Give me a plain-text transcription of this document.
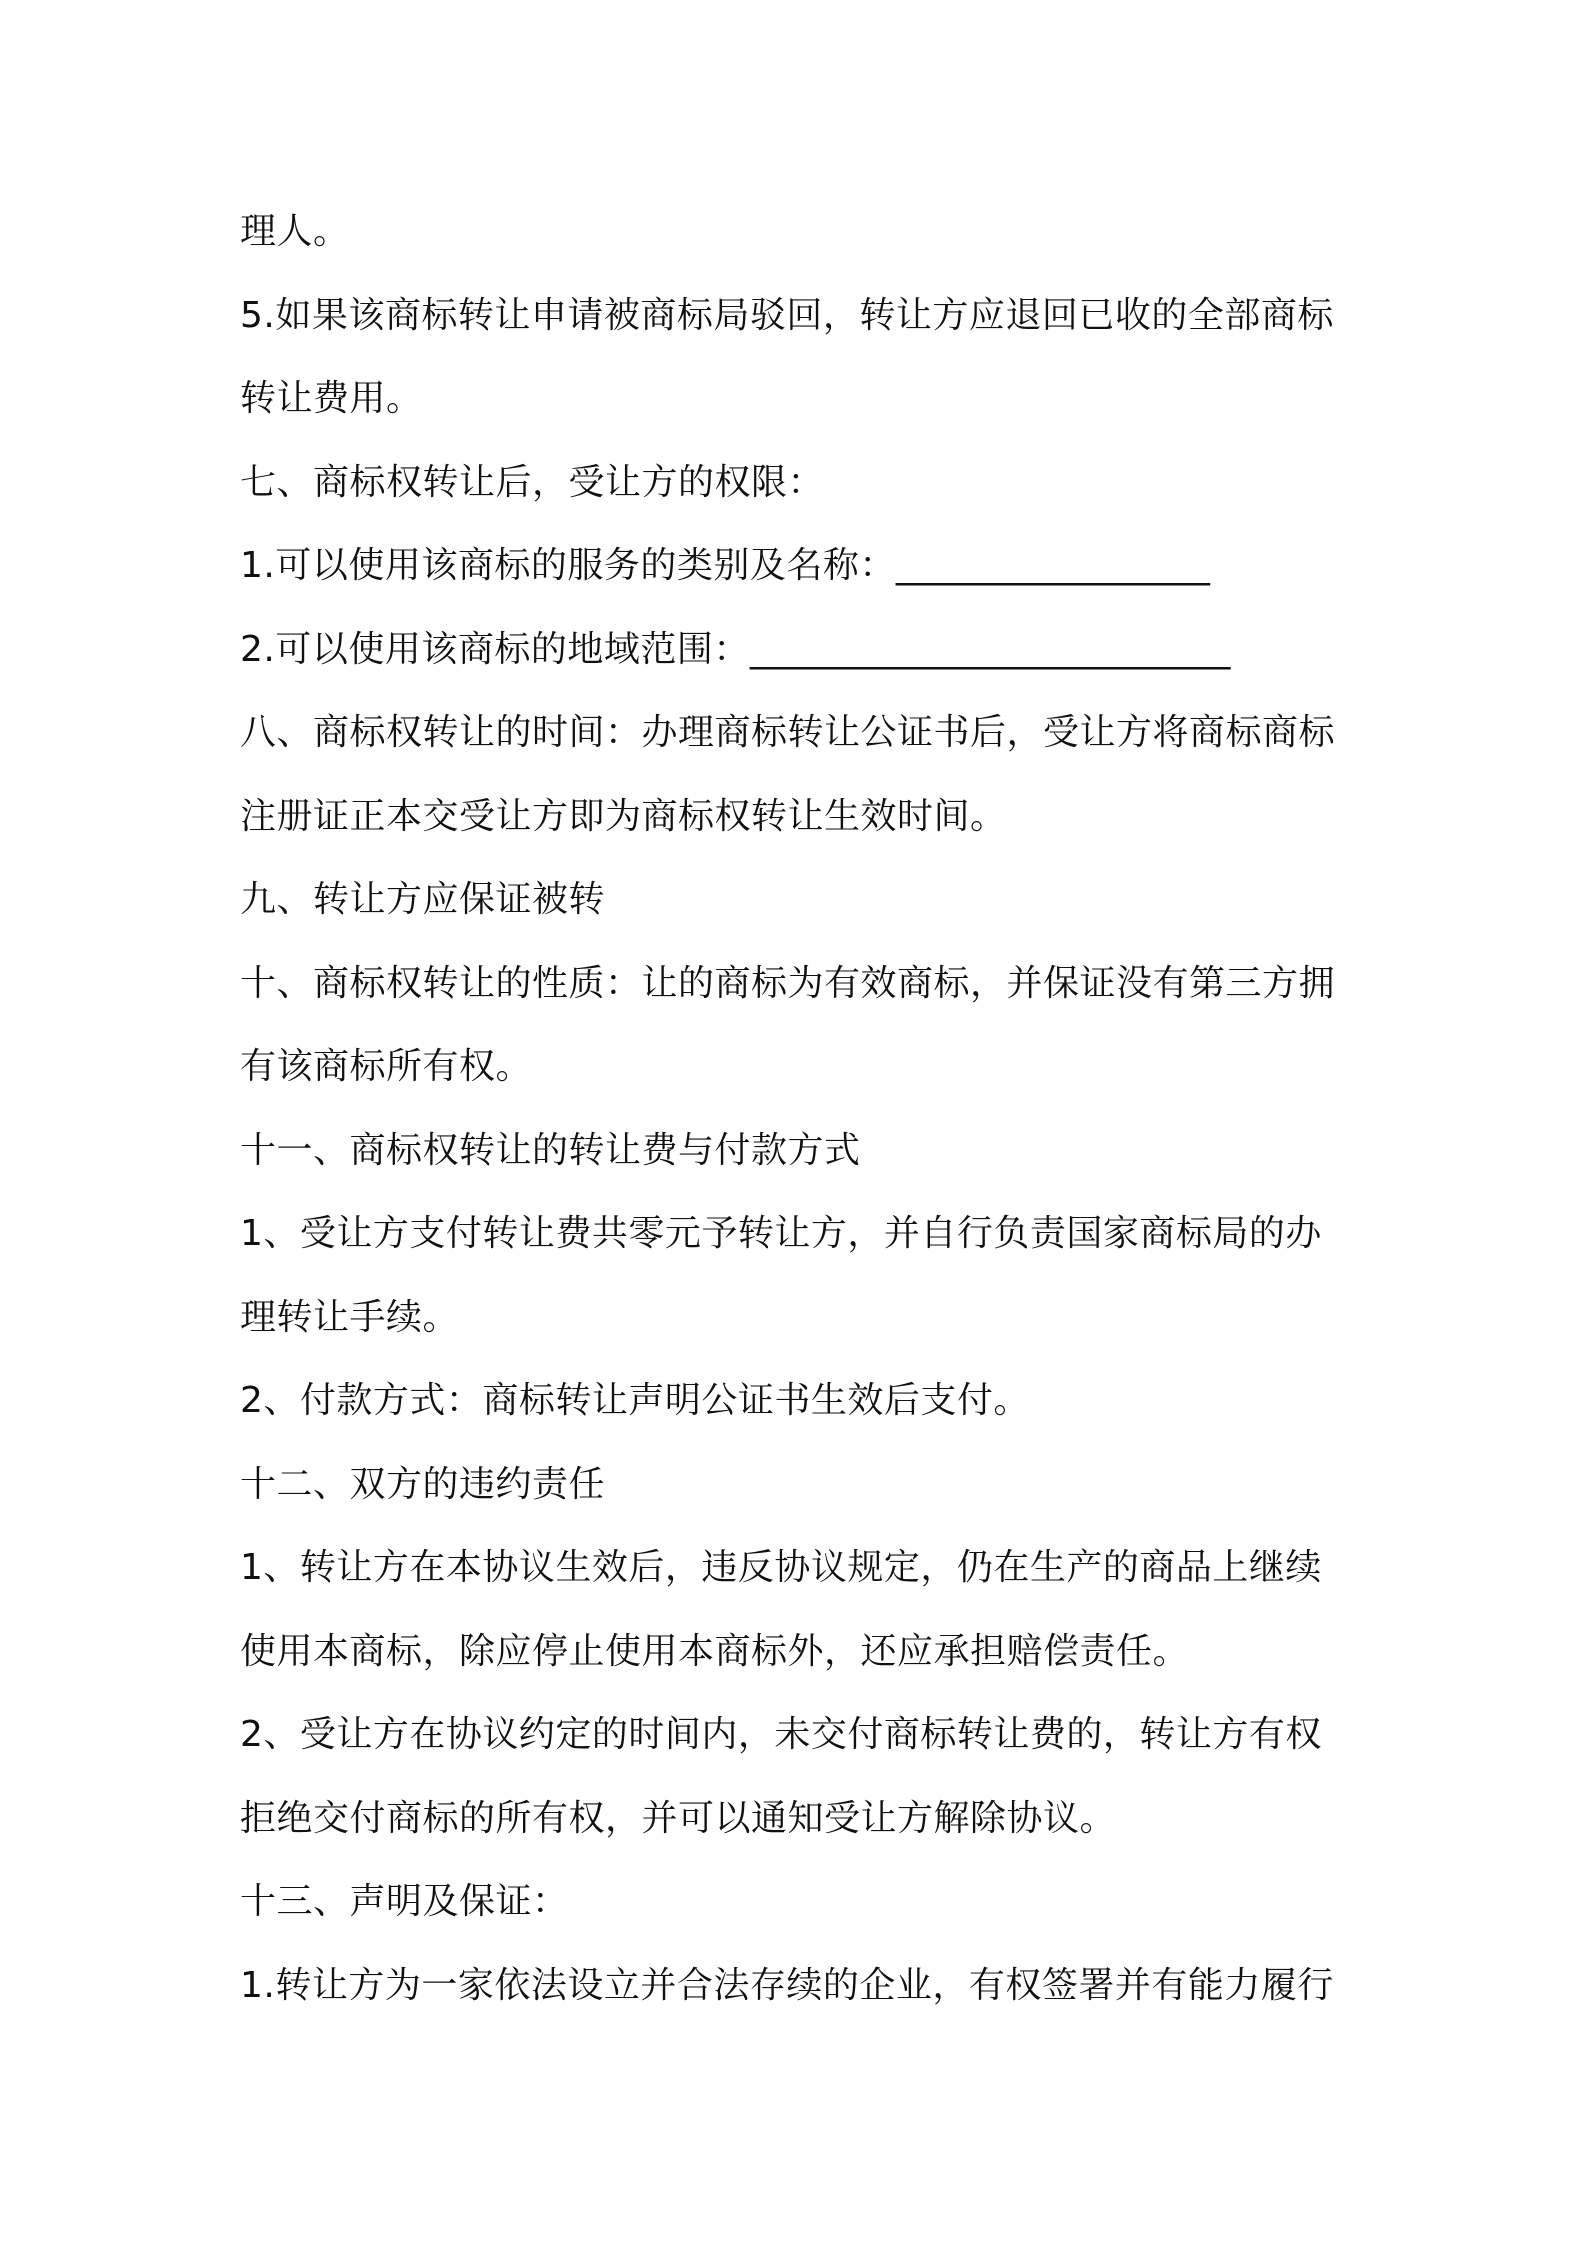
理人。
5.如果该商标转让申请被商标局驳回，转让方应退回已收的全部商标
转让费用。
七、商标权转让后，受让方的权限：
1.可以使用该商标的服务的类别及名称：_________________
2.可以使用该商标的地域范围：__________________________
八、商标权转让的时间：办理商标转让公证书后，受让方将商标商标
注册证正本交受让方即为商标权转让生效时间。
九、转让方应保证被转
十、商标权转让的性质：让的商标为有效商标，并保证没有第三方拥
有该商标所有权。
十一、商标权转让的转让费与付款方式
1、受让方支付转让费共零元予转让方，并自行负责国家商标局的办
理转让手续。
2、付款方式：商标转让声明公证书生效后支付。
十二、双方的违约责任
1、转让方在本协议生效后，违反协议规定，仍在生产的商品上继续
使用本商标，除应停止使用本商标外，还应承担赔偿责任。
2、受让方在协议约定的时间内，未交付商标转让费的，转让方有权
拒绝交付商标的所有权，并可以通知受让方解除协议。
十三、声明及保证：
1.转让方为一家依法设立并合法存续的企业，有权签署并有能力履行
